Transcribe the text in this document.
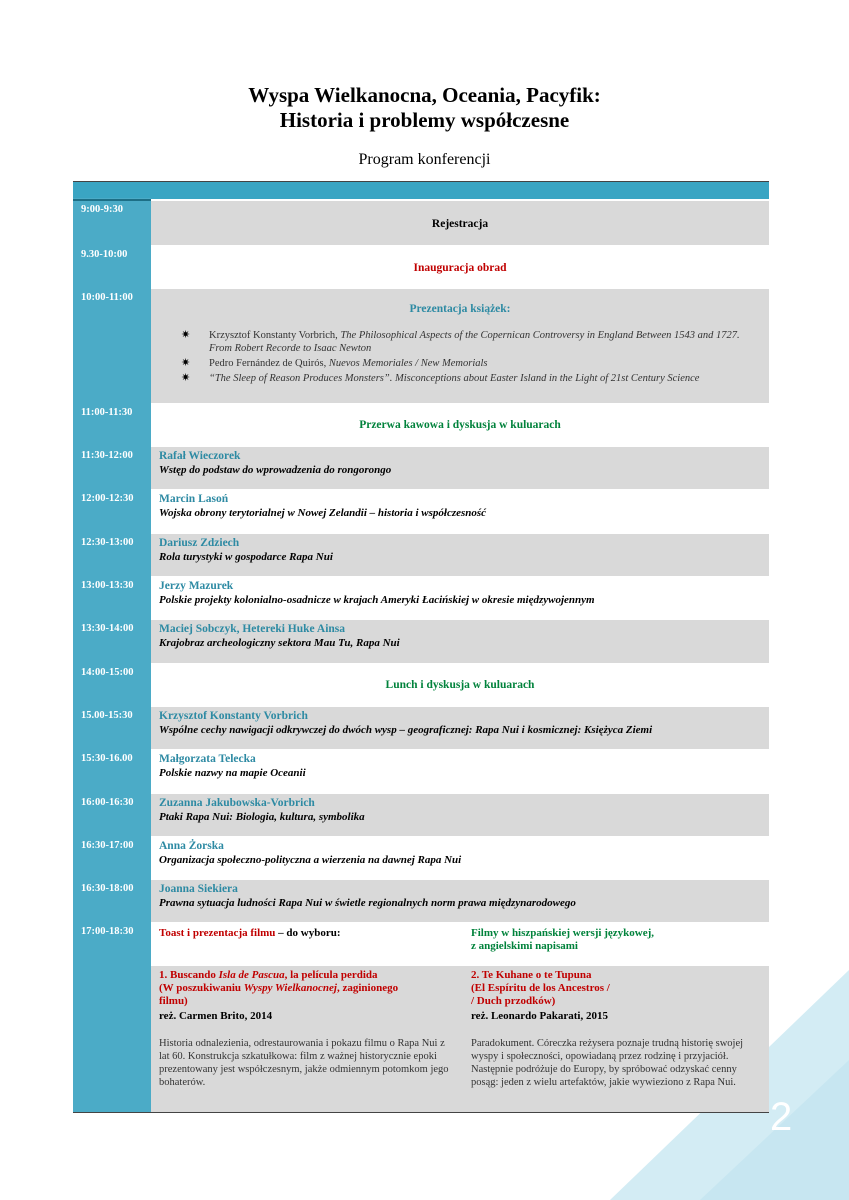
Wyspa Wielkanocna, Oceania, Pacyfik:
Historia i problemy współczesne
Program konferencji
9:00-9:30
Rejestracja
9.30-10:00
Inauguracja obrad
10:00-11:00
Prezentacja książek:
✷ Krzysztof Konstanty Vorbrich, The Philosophical Aspects of the Copernican Controversy in England Between 1543 and 1727. From Robert Recorde to Isaac Newton
✷ Pedro Fernández de Quirós, Nuevos Memoriales / New Memorials
✷ “The Sleep of Reason Produces Monsters”. Misconceptions about Easter Island in the Light of 21st Century Science
11:00-11:30
Przerwa kawowa i dyskusja w kuluarach
11:30-12:00 Rafał Wieczorek
Wstęp do podstaw do wprowadzenia do rongorongo
12:00-12:30 Marcin Lasoń
Wojska obrony terytorialnej w Nowej Zelandii – historia i współczesność
12:30-13:00 Dariusz Zdziech
Rola turystyki w gospodarce Rapa Nui
13:00-13:30 Jerzy Mazurek
Polskie projekty kolonialno-osadnicze w krajach Ameryki Łacińskiej w okresie międzywojennym
13:30-14:00 Maciej Sobczyk, Hetereki Huke Ainsa
Krajobraz archeologiczny sektora Mau Tu, Rapa Nui
14:00-15:00
Lunch i dyskusja w kuluarach
15.00-15:30 Krzysztof Konstanty Vorbrich
Wspólne cechy nawigacji odkrywczej do dwóch wysp – geograficznej: Rapa Nui i kosmicznej: Księżyca Ziemi
15:30-16.00 Małgorzata Telecka
Polskie nazwy na mapie Oceanii
16:00-16:30 Zuzanna Jakubowska-Vorbrich
Ptaki Rapa Nui: Biologia, kultura, symbolika
16:30-17:00 Anna Żorska
Organizacja społeczno-polityczna a wierzenia na dawnej Rapa Nui
16:30-18:00 Joanna Siekiera
Prawna sytuacja ludności Rapa Nui w świetle regionalnych norm prawa międzynarodowego
17:00-18:30 Toast i prezentacja filmu – do wyboru:	Filmy w hiszpańskiej wersji językowej,
z angielskimi napisami
1. Buscando Isla de Pascua, la película perdida
(W poszukiwaniu Wyspy Wielkanocnej, zaginionego
filmu)
reż. Carmen Brito, 2014
Historia odnalezienia, odrestaurowania i pokazu filmu o Rapa Nui z lat 60. Konstrukcja szkatułkowa: film z ważnej historycznie epoki prezentowany jest współczesnym, jakże odmiennym potomkom jego bohaterów.
2. Te Kuhane o te Tupuna
(El Espíritu de los Ancestros /
/ Duch przodków)
reż. Leonardo Pakarati, 2015
Paradokument. Córeczka reżysera poznaje trudną historię swojej wyspy i społeczności, opowiadaną przez rodzinę i przyjaciół. Następnie podróżuje do Europy, by spróbować odzyskać cenny posąg: jeden z wielu artefaktów, jakie wywieziono z Rapa Nui.
2
